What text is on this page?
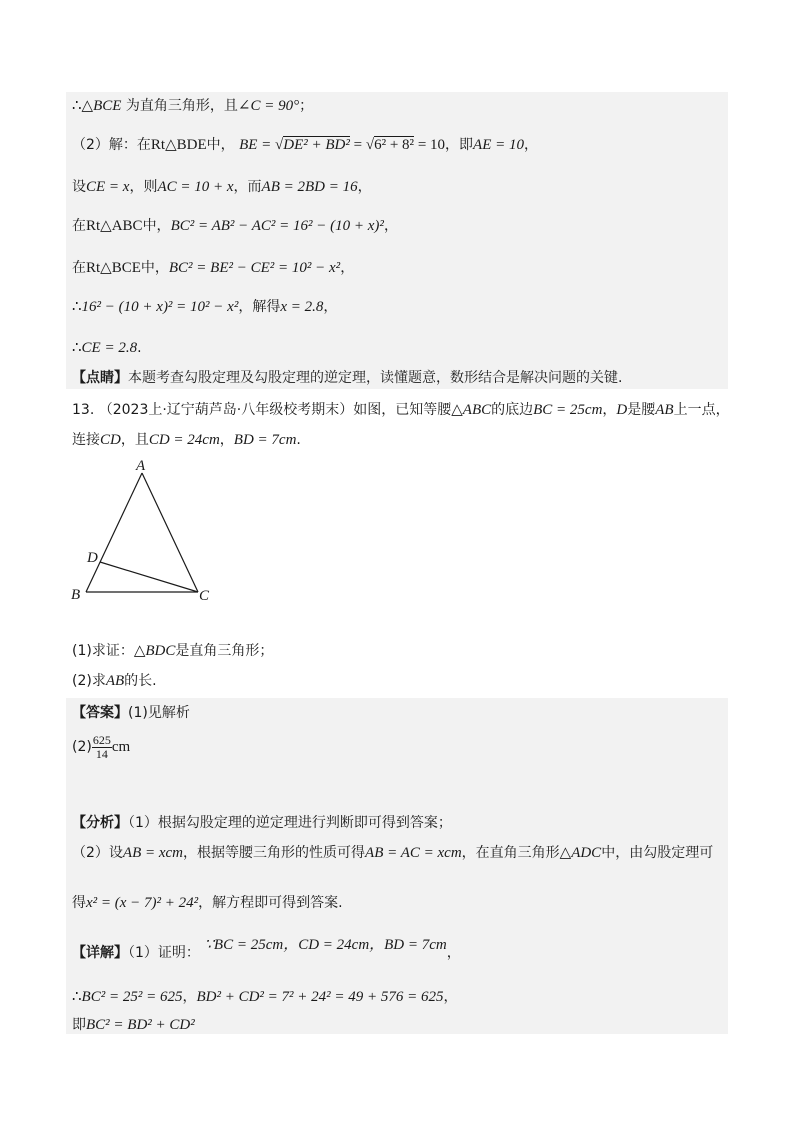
∴△BCE 为直角三角形，且∠C = 90°；
（2）解：在Rt△BDE中， BE = √DE² + BD² = √6² + 8² = 10，即AE = 10，
设CE = x，则AC = 10 + x，而AB = 2BD = 16，
在Rt△ABC中，BC² = AB² − AC² = 16² − (10 + x)²，
在Rt△BCE中，BC² = BE² − CE² = 10² − x²，
∴16² − (10 + x)² = 10² − x²，解得x = 2.8，
∴CE = 2.8.
【点睛】本题考查勾股定理及勾股定理的逆定理，读懂题意，数形结合是解决问题的关键.
13. （2023上·辽宁葫芦岛·八年级校考期末）如图，已知等腰△ABC的底边BC = 25cm，D是腰AB上一点，
连接CD，且CD = 24cm，BD = 7cm.
A
B	C
D
(1)求证：△BDC是直角三角形；
(2)求AB的长.
【答案】(1)见解析
$(2) \frac{625}{14}$ cm
【分析】（1）根据勾股定理的逆定理进行判断即可得到答案；
（2）设AB = xcm，根据等腰三角形的性质可得AB = AC = xcm，在直角三角形△ADC中，由勾股定理可
得x² = (x − 7)² + 24²，解方程即可得到答案.
【详解】（1）证明： ∵BC = 25cm，CD = 24cm，BD = 7cm，
∴BC² = 25² = 625，BD² + CD² = 7² + 24² = 49 + 576 = 625，
即BC² = BD² + CD²
